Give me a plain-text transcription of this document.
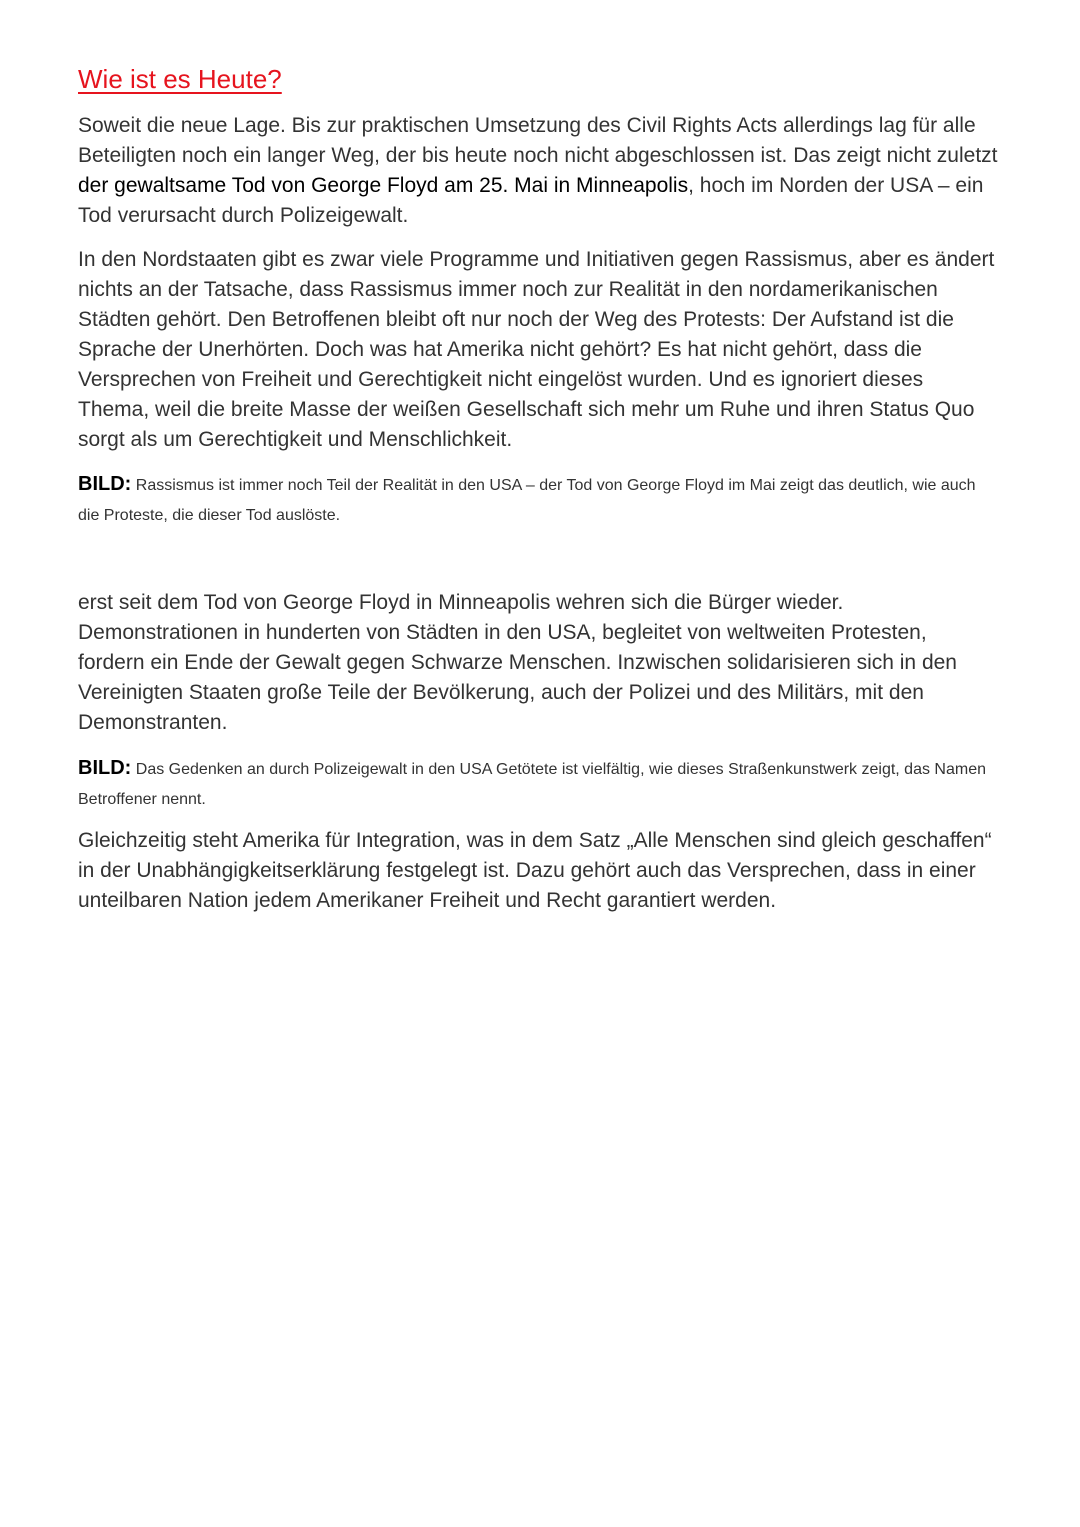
Wie ist es Heute?

Soweit die neue Lage. Bis zur praktischen Umsetzung des Civil Rights Acts allerdings lag für alle Beteiligten noch ein langer Weg, der bis heute noch nicht abgeschlossen ist. Das zeigt nicht zuletzt der gewaltsame Tod von George Floyd am 25. Mai in Minneapolis, hoch im Norden der USA – ein Tod verursacht durch Polizeigewalt.

In den Nordstaaten gibt es zwar viele Programme und Initiativen gegen Rassismus, aber es ändert nichts an der Tatsache, dass Rassismus immer noch zur Realität in den nordamerikanischen Städten gehört. Den Betroffenen bleibt oft nur noch der Weg des Protests: Der Aufstand ist die Sprache der Unerhörten. Doch was hat Amerika nicht gehört? Es hat nicht gehört, dass die Versprechen von Freiheit und Gerechtigkeit nicht eingelöst wurden. Und es ignoriert dieses Thema, weil die breite Masse der weißen Gesellschaft sich mehr um Ruhe und ihren Status Quo sorgt als um Gerechtigkeit und Menschlichkeit.

BILD: Rassismus ist immer noch Teil der Realität in den USA – der Tod von George Floyd im Mai zeigt das deutlich, wie auch die Proteste, die dieser Tod auslöste.

erst seit dem Tod von George Floyd in Minneapolis wehren sich die Bürger wieder. Demonstrationen in hunderten von Städten in den USA, begleitet von weltweiten Protesten, fordern ein Ende der Gewalt gegen Schwarze Menschen. Inzwischen solidarisieren sich in den Vereinigten Staaten große Teile der Bevölkerung, auch der Polizei und des Militärs, mit den Demonstranten.

BILD: Das Gedenken an durch Polizeigewalt in den USA Getötete ist vielfältig, wie dieses Straßenkunstwerk zeigt, das Namen Betroffener nennt.

Gleichzeitig steht Amerika für Integration, was in dem Satz „Alle Menschen sind gleich geschaffen“ in der Unabhängigkeitserklärung festgelegt ist. Dazu gehört auch das Versprechen, dass in einer unteilbaren Nation jedem Amerikaner Freiheit und Recht garantiert werden.
